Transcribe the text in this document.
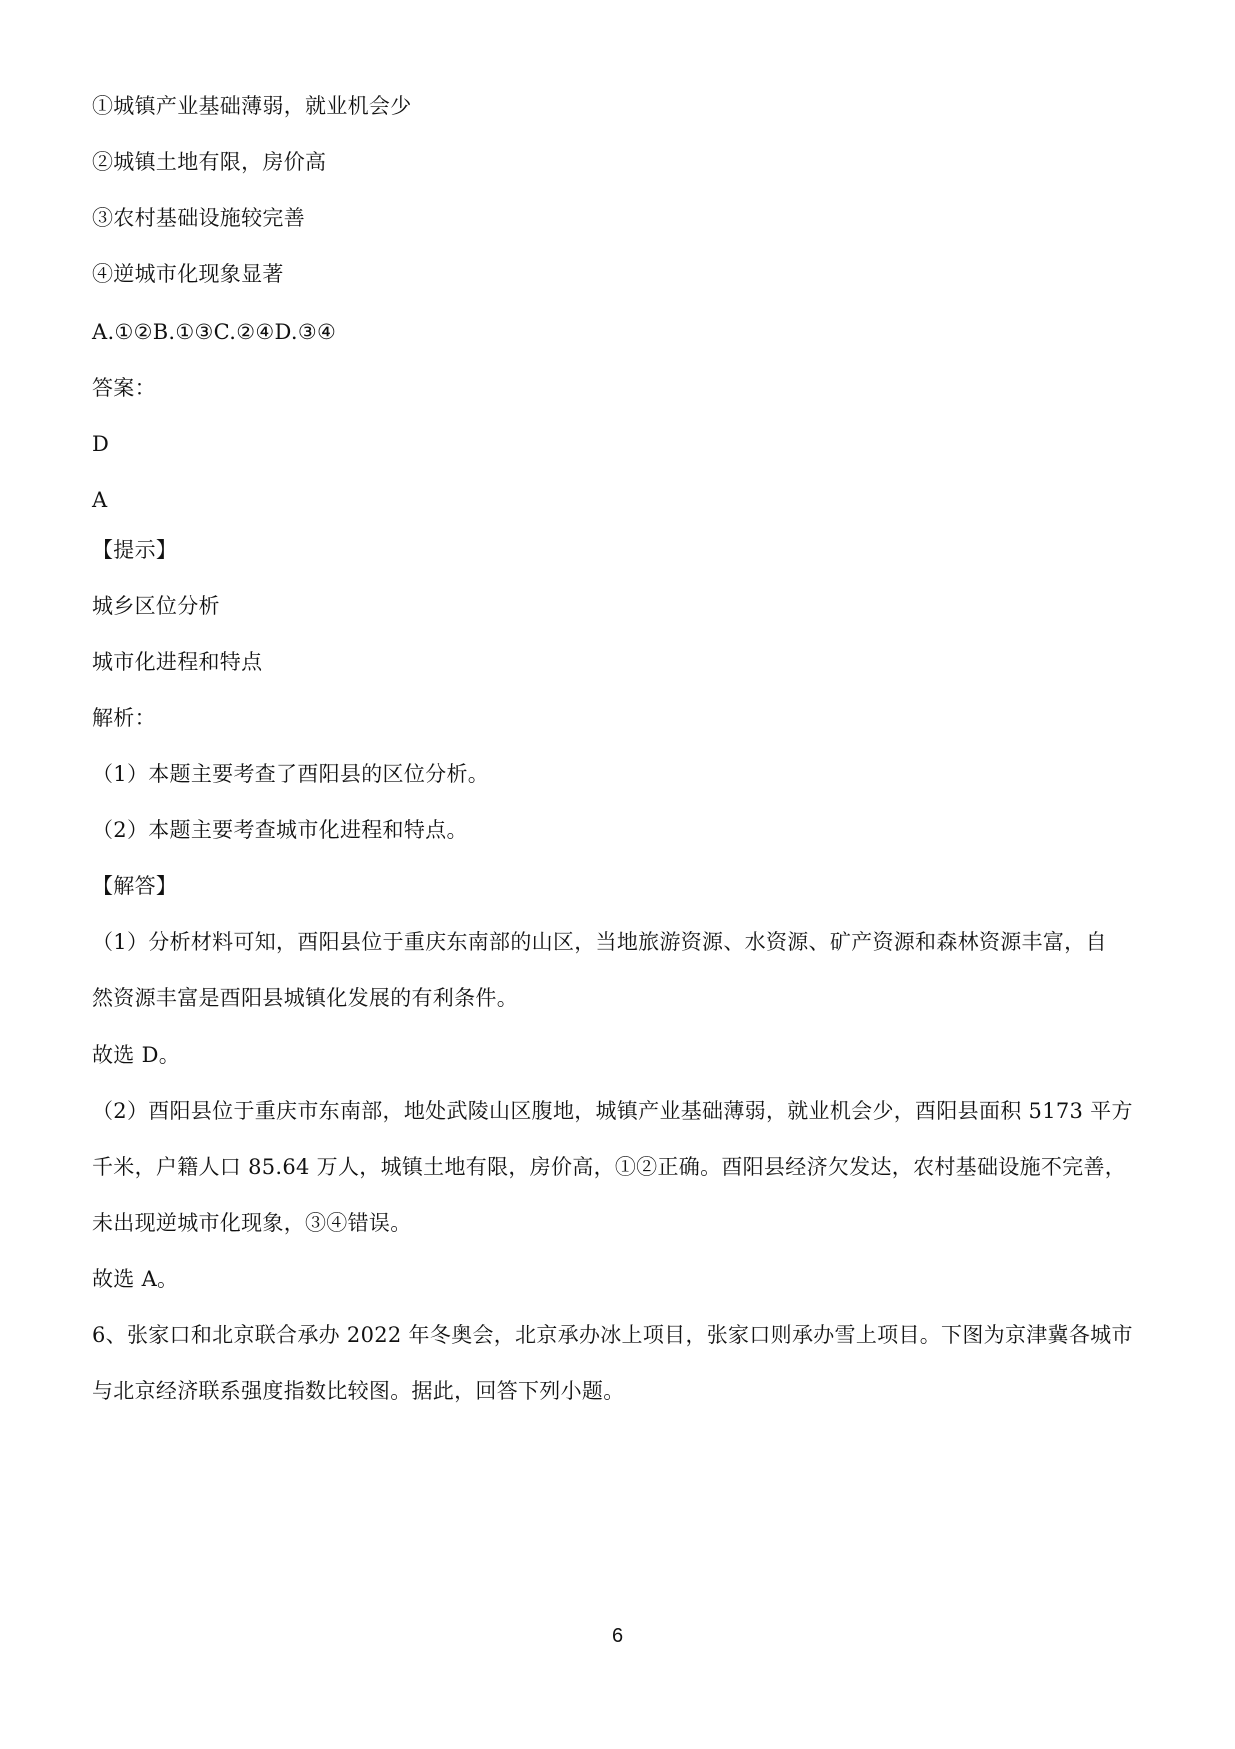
①城镇产业基础薄弱，就业机会少
②城镇土地有限，房价高
③农村基础设施较完善
④逆城市化现象显著
A.①②B.①③C.②④D.③④
答案：
D
A
【提示】
城乡区位分析
城市化进程和特点
解析：
（1）本题主要考查了酉阳县的区位分析。
（2）本题主要考查城市化进程和特点。
【解答】
（1）分析材料可知，酉阳县位于重庆东南部的山区，当地旅游资源、水资源、矿产资源和森林资源丰富，自
然资源丰富是酉阳县城镇化发展的有利条件。
故选 D。
（2）酉阳县位于重庆市东南部，地处武陵山区腹地，城镇产业基础薄弱，就业机会少，酉阳县面积 5173 平方
千米，户籍人口 85.64 万人，城镇土地有限，房价高，①②正确。酉阳县经济欠发达，农村基础设施不完善，
未出现逆城市化现象，③④错误。
故选 A。
6、张家口和北京联合承办 2022 年冬奥会，北京承办冰上项目，张家口则承办雪上项目。下图为京津冀各城市
与北京经济联系强度指数比较图。据此，回答下列小题。
6
